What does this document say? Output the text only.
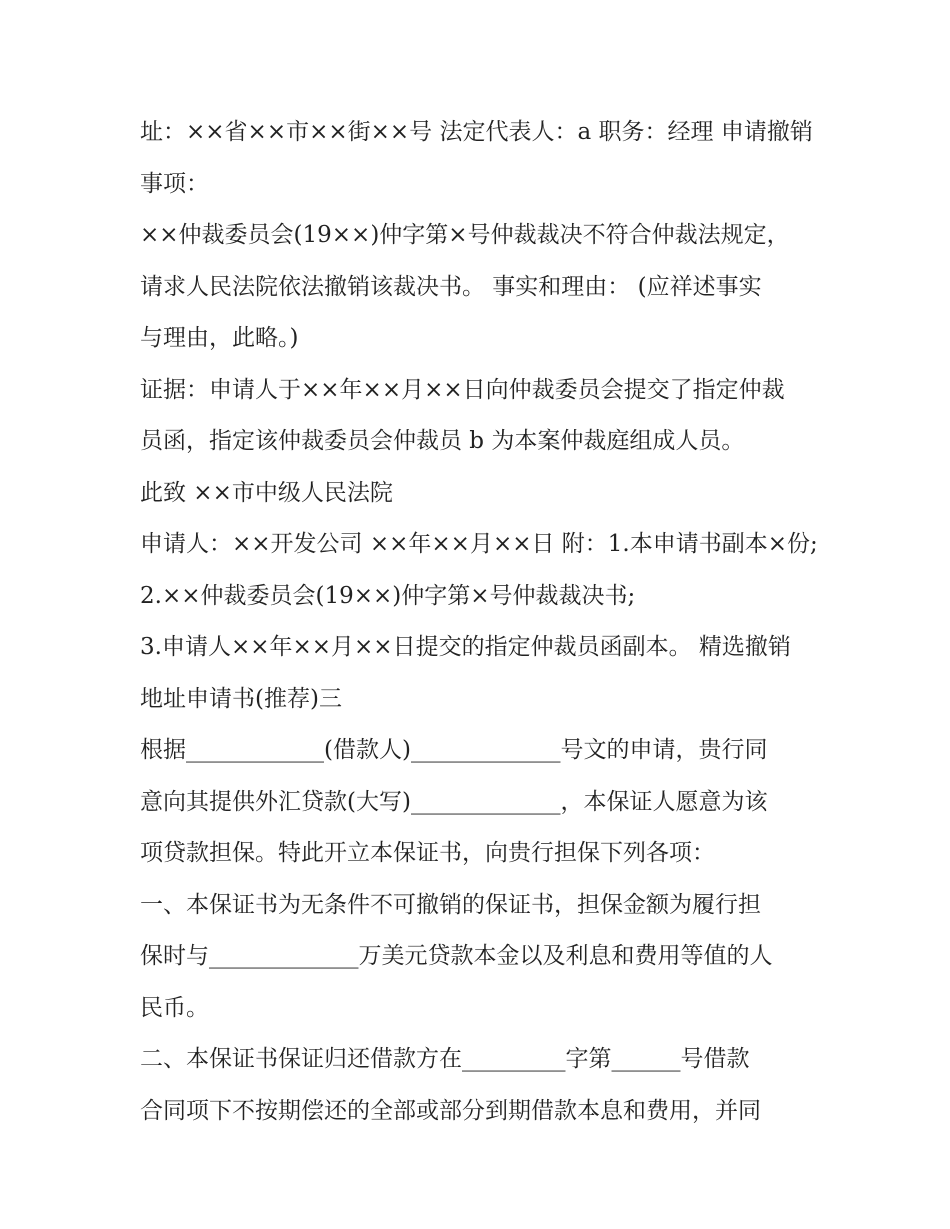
址：××省××市××街××号 法定代表人：a 职务：经理 申请撤销
事项：
××仲裁委员会(19××)仲字第×号仲裁裁决不符合仲裁法规定，
请求人民法院依法撤销该裁决书。 事实和理由： (应祥述事实
与理由，此略。)
证据：申请人于××年××月××日向仲裁委员会提交了指定仲裁
员函，指定该仲裁委员会仲裁员 b 为本案仲裁庭组成人员。
此致 ××市中级人民法院
申请人：××开发公司 ××年××月××日 附：1.本申请书副本×份;
2.××仲裁委员会(19××)仲字第×号仲裁裁决书;
3.申请人××年××月××日提交的指定仲裁员函副本。 精选撤销
地址申请书(推荐)三
根据____________(借款人)_____________号文的申请，贵行同
意向其提供外汇贷款(大写)_____________，本保证人愿意为该
项贷款担保。特此开立本保证书，向贵行担保下列各项：
一、本保证书为无条件不可撤销的保证书，担保金额为履行担
保时与_____________万美元贷款本金以及利息和费用等值的人
民币。
二、本保证书保证归还借款方在_________字第______号借款
合同项下不按期偿还的全部或部分到期借款本息和费用，并同
